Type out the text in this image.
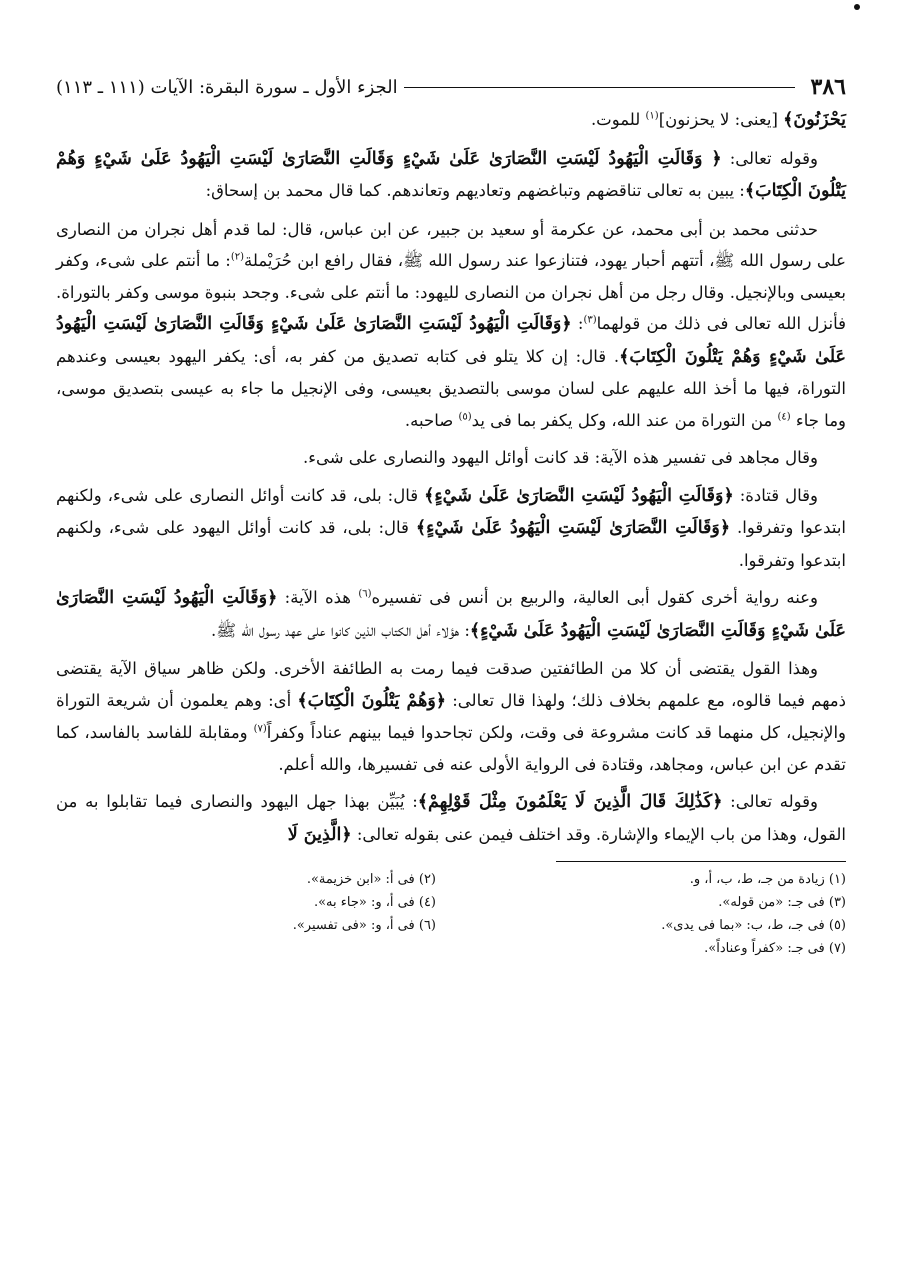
٣٨٦
الجزء الأول ـ سورة البقرة: الآيات (١١١ ـ ١١٣)

يَحْزَنُونَ﴾ [يعنى: لا يحزنون]$^{(١)}$ للموت.

وقوله تعالى: ﴿ وَقَالَتِ الْيَهُودُ لَيْسَتِ النَّصَارَىٰ عَلَىٰ شَيْءٍ وَقَالَتِ النَّصَارَىٰ لَيْسَتِ الْيَهُودُ عَلَىٰ شَيْءٍ وَهُمْ يَتْلُونَ الْكِتَابَ﴾: يبين به تعالى تناقضهم وتباغضهم وتعاديهم وتعاندهم. كما قال محمد بن إسحاق:

حدثنى محمد بن أبى محمد، عن عكرمة أو سعيد بن جبير، عن ابن عباس، قال: لما قدم أهل نجران من النصارى على رسول الله ﷺ، أتتهم أحبار يهود، فتنازعوا عند رسول الله ﷺ، فقال رافع ابن حُرَيْملة$^{(٢)}$: ما أنتم على شىء، وكفر بعيسى وبالإنجيل. وقال رجل من أهل نجران من النصارى لليهود: ما أنتم على شىء. وجحد بنبوة موسى وكفر بالتوراة. فأنزل الله تعالى فى ذلك من قولهما$^{(٣)}$: ﴿وَقَالَتِ الْيَهُودُ لَيْسَتِ النَّصَارَىٰ عَلَىٰ شَيْءٍ وَقَالَتِ النَّصَارَىٰ لَيْسَتِ الْيَهُودُ عَلَىٰ شَيْءٍ وَهُمْ يَتْلُونَ الْكِتَابَ﴾. قال: إن كلا يتلو فى كتابه تصديق من كفر به، أى: يكفر اليهود بعيسى وعندهم التوراة، فيها ما أخذ الله عليهم على لسان موسى بالتصديق بعيسى، وفى الإنجيل ما جاء به عيسى بتصديق موسى، وما جاء $^{(٤)}$ من التوراة من عند الله، وكل يكفر بما فى يد$^{(٥)}$ صاحبه.

وقال مجاهد فى تفسير هذه الآية: قد كانت أوائل اليهود والنصارى على شىء.

وقال قتادة: ﴿وَقَالَتِ الْيَهُودُ لَيْسَتِ النَّصَارَىٰ عَلَىٰ شَيْءٍ﴾ قال: بلى، قد كانت أوائل النصارى على شىء، ولكنهم ابتدعوا وتفرقوا. ﴿وَقَالَتِ النَّصَارَىٰ لَيْسَتِ الْيَهُودُ عَلَىٰ شَيْءٍ﴾ قال: بلى، قد كانت أوائل اليهود على شىء، ولكنهم ابتدعوا وتفرقوا.

وعنه رواية أخرى كقول أبى العالية، والربيع بن أنس فى تفسيره$^{(٦)}$ هذه الآية: ﴿وَقَالَتِ الْيَهُودُ لَيْسَتِ النَّصَارَىٰ عَلَىٰ شَيْءٍ وَقَالَتِ النَّصَارَىٰ لَيْسَتِ الْيَهُودُ عَلَىٰ شَيْءٍ﴾: هؤلاء أهل الكتاب الذين كانوا على عهد رسول الله ﷺ.

وهذا القول يقتضى أن كلا من الطائفتين صدقت فيما رمت به الطائفة الأخرى. ولكن ظاهر سياق الآية يقتضى ذمهم فيما قالوه، مع علمهم بخلاف ذلك؛ ولهذا قال تعالى: ﴿وَهُمْ يَتْلُونَ الْكِتَابَ﴾ أى: وهم يعلمون أن شريعة التوراة والإنجيل، كل منهما قد كانت مشروعة فى وقت، ولكن تجاحدوا فيما بينهم عناداً وكفراً$^{(٧)}$ ومقابلة للفاسد بالفاسد، كما تقدم عن ابن عباس، ومجاهد، وقتادة فى الرواية الأولى عنه فى تفسيرها، والله أعلم.

وقوله تعالى: ﴿كَذَٰلِكَ قَالَ الَّذِينَ لَا يَعْلَمُونَ مِثْلَ قَوْلِهِمْ﴾: يُبَيِّن بهذا جهل اليهود والنصارى فيما تقابلوا به من القول، وهذا من باب الإيماء والإشارة. وقد اختلف فيمن عنى بقوله تعالى: ﴿الَّذِينَ لَا

(١) زيادة من جـ، ط، ب، أ، و.
(٣) فى جـ: «من قوله».
(٥) فى جـ، ط، ب: «بما فى يدى».
(٧) فى جـ: «كفراً وعناداً».
(٢) فى أ: «ابن خزيمة».
(٤) فى أ، و: «جاء به».
(٦) فى أ، و: «فى تفسير».
